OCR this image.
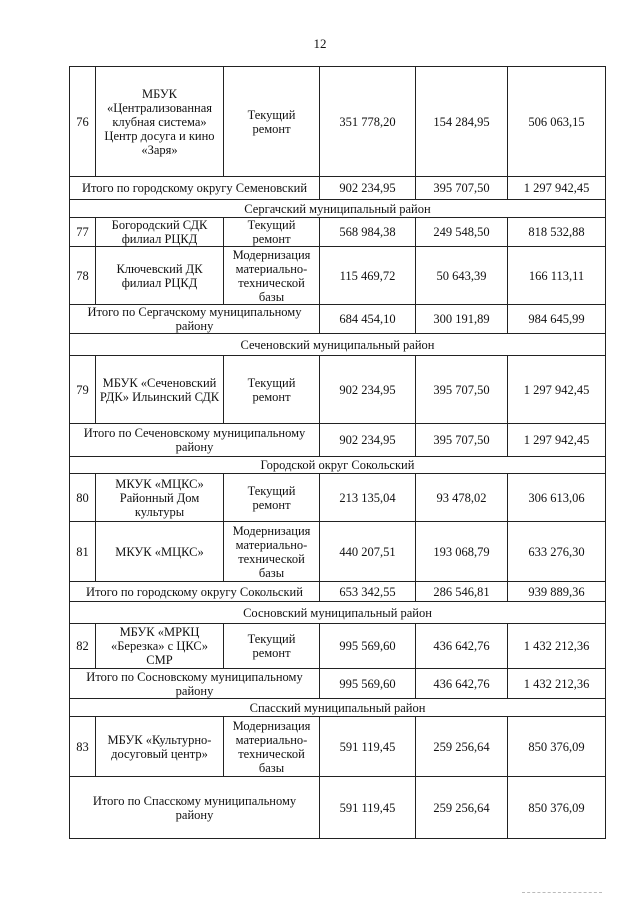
12
76	МБУК «Централизованная клубная система» Центр досуга и кино «Заря»	Текущий ремонт	351 778,20	154 284,95	506 063,15
Итого по городскому округу Семеновский			902 234,95	395 707,50	1 297 942,45
Сергачский муниципальный район					
77	Богородский СДК филиал РЦКД	Текущий ремонт	568 984,38	249 548,50	818 532,88
78	Ключевский ДК филиал РЦКД	Модернизация материально-технической базы	115 469,72	50 643,39	166 113,11
Итого по Сергачскому муниципальному району			684 454,10	300 191,89	984 645,99
Сеченовский муниципальный район					
79	МБУК «Сеченовский РДК» Ильинский СДК	Текущий ремонт	902 234,95	395 707,50	1 297 942,45
Итого по Сеченовскому муниципальному району			902 234,95	395 707,50	1 297 942,45
Городской округ Сокольский					
80	МКУК «МЦКС» Районный Дом культуры	Текущий ремонт	213 135,04	93 478,02	306 613,06
81	МКУК «МЦКС»	Модернизация материально-технической базы	440 207,51	193 068,79	633 276,30
Итого по городскому округу Сокольский			653 342,55	286 546,81	939 889,36
Сосновский муниципальный район					
82	МБУК «МРКЦ «Березка» с ЦКС» СМР	Текущий ремонт	995 569,60	436 642,76	1 432 212,36
Итого по Сосновскому муниципальному району			995 569,60	436 642,76	1 432 212,36
Спасский муниципальный район					
83	МБУК «Культурно-досуговый центр»	Модернизация материально-технической базы	591 119,45	259 256,64	850 376,09
Итого по Спасскому муниципальному району			591 119,45	259 256,64	850 376,09
